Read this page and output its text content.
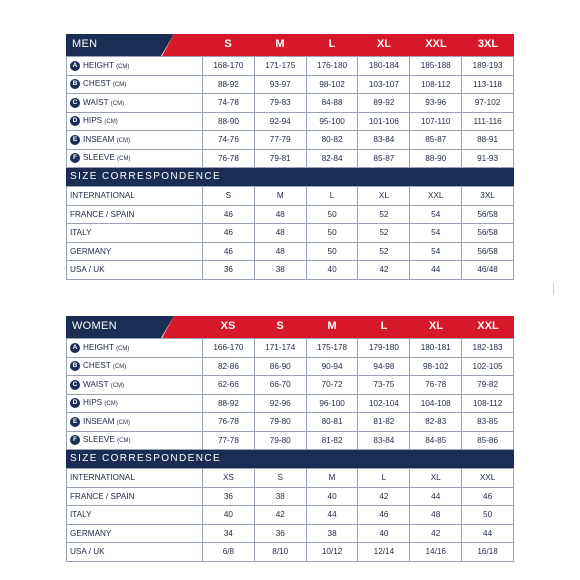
MEN	S	M	L	XL	XXL	3XL
A HEIGHT (CM)	168-170	171-175	176-180	180-184	185-188	189-193
B CHEST (CM)	88-92	93-97	98-102	103-107	108-112	113-118
C WAIST (CM)	74-78	79-83	84-88	89-92	93-96	97-102
D HIPS (CM)	88-90	92-94	95-100	101-106	107-110	111-116
E INSEAM (CM)	74-76	77-79	80-82	83-84	85-87	88-91
F SLEEVE (CM)	76-78	79-81	82-84	85-87	88-90	91-93
SIZE CORRESPONDENCE
INTERNATIONAL	S	M	L	XL	XXL	3XL
FRANCE / SPAIN	46	48	50	52	54	56/58
ITALY	46	48	50	52	54	56/58
GERMANY	46	48	50	52	54	56/58
USA / UK	36	38	40	42	44	46/48
WOMEN	XS	S	M	L	XL	XXL
A HEIGHT (CM)	166-170	171-174	175-178	179-180	180-181	182-183
B CHEST (CM)	82-86	86-90	90-94	94-98	98-102	102-105
C WAIST (CM)	62-66	66-70	70-72	73-75	76-78	79-82
D HIPS (CM)	88-92	92-96	96-100	102-104	104-108	108-112
E INSEAM (CM)	76-78	79-80	80-81	81-82	82-83	83-85
F SLEEVE (CM)	77-78	79-80	81-82	83-84	84-85	85-86
SIZE CORRESPONDENCE
INTERNATIONAL	XS	S	M	L	XL	XXL
FRANCE / SPAIN	36	38	40	42	44	46
ITALY	40	42	44	46	48	50
GERMANY	34	36	38	40	42	44
USA / UK	6/8	8/10	10/12	12/14	14/16	16/18
